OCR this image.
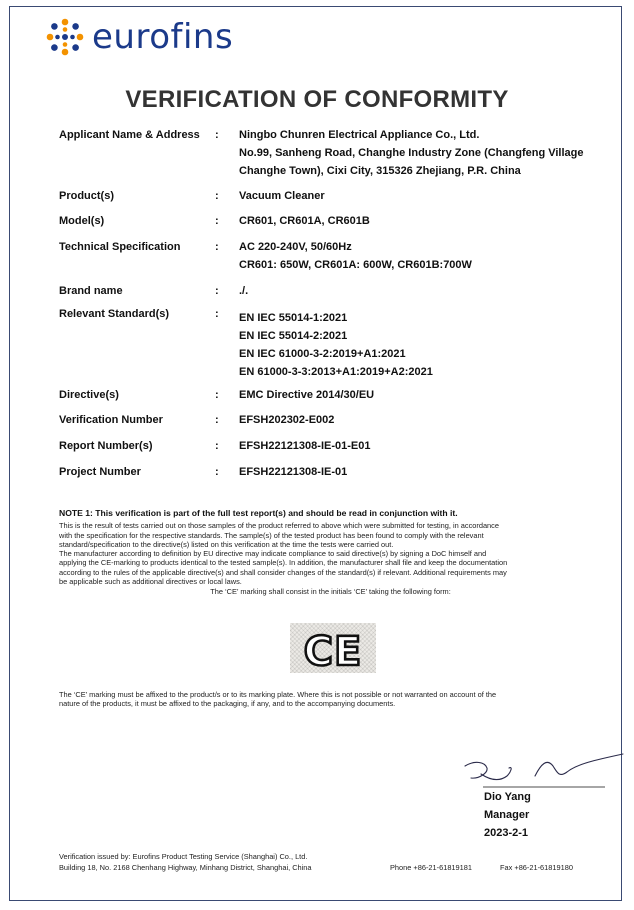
eurofins
VERIFICATION OF CONFORMITY
Applicant Name & Address	: Ningbo Chunren Electrical Appliance Co., Ltd.
No.99, Sanheng Road, Changhe Industry Zone (Changfeng Village
Changhe Town), Cixi City, 315326 Zhejiang, P.R. China
Product(s)	: Vacuum Cleaner
Model(s)	: CR601, CR601A, CR601B
Technical Specification	: AC 220-240V, 50/60Hz
CR601: 650W, CR601A: 600W, CR601B:700W
Brand name	: ./.
Relevant Standard(s)	: EN IEC 55014-1:2021
EN IEC 55014-2:2021
EN IEC 61000-3-2:2019+A1:2021
EN 61000-3-3:2013+A1:2019+A2:2021
Directive(s)	: EMC Directive 2014/30/EU
Verification Number	: EFSH202302-E002
Report Number(s)	: EFSH22121308-IE-01-E01
Project Number	: EFSH22121308-IE-01
NOTE 1: This verification is part of the full test report(s) and should be read in conjunction with it.
This is the result of tests carried out on those samples of the product referred to above which were submitted for testing, in accordance
with the specification for the respective standards. The sample(s) of the tested product has been found to comply with the relevant
standard/specification to the directive(s) listed on this verification at the time the tests were carried out.
The manufacturer according to definition by EU directive may indicate compliance to said directive(s) by signing a DoC himself and
applying the CE-marking to products identical to the tested sample(s). In addition, the manufacturer shall file and keep the documentation
according to the rules of the applicable directive(s) and shall consider changes of the standard(s) if relevant. Additional requirements may
be applicable such as additional directives or local laws.
The ‘CE’ marking shall consist in the initials ‘CE’ taking the following form:
CE
The ‘CE’ marking must be affixed to the product/s or to its marking plate. Where this is not possible or not warranted on account of the
nature of the products, it must be affixed to the packaging, if any, and to the accompanying documents.
Dio Yang
Manager
2023-2-1
Verification issued by: Eurofins Product Testing Service (Shanghai) Co., Ltd.
Building 18, No. 2168 Chenhang Highway, Minhang District, Shanghai, China	Phone +86-21-61819181	Fax +86-21-61819180
